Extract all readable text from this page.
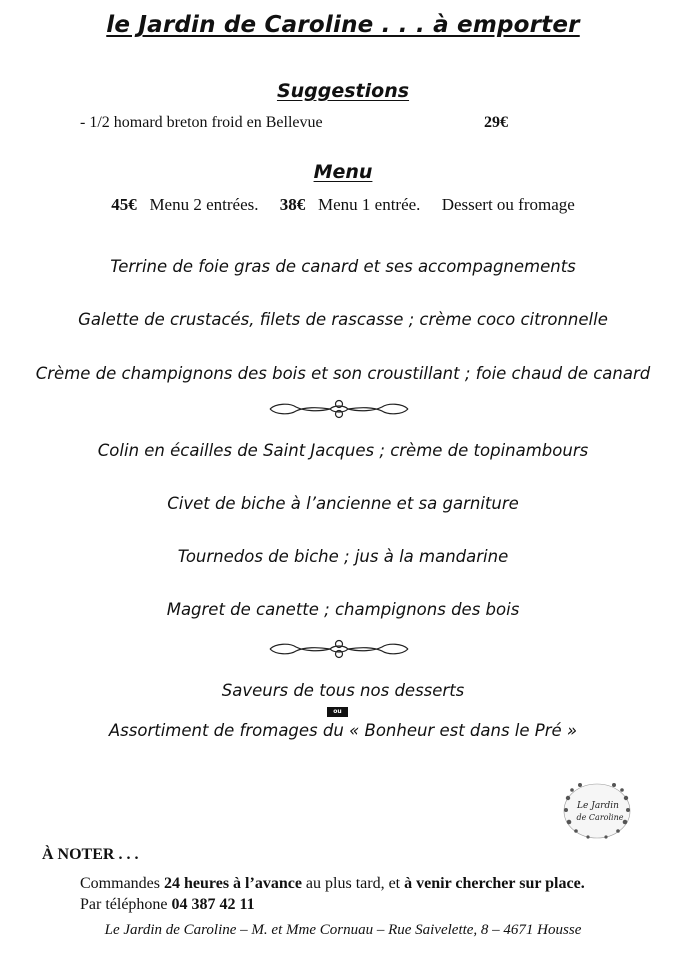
le Jardin de Caroline . . . à emporter
Suggestions
- 1/2 homard breton froid en Bellevue	29€
Menu
45€ Menu 2 entrées. 38€ Menu 1 entrée. Dessert ou fromage
Terrine de foie gras de canard et ses accompagnements
Galette de crustacés, filets de rascasse ; crème coco citronnelle
Crème de champignons des bois et son croustillant ; foie chaud de canard
Colin en écailles de Saint Jacques ; crème de topinambours
Civet de biche à l’ancienne et sa garniture
Tournedos de biche ; jus à la mandarine
Magret de canette ; champignons des bois
Saveurs de tous nos desserts
ou
Assortiment de fromages du « Bonheur est dans le Pré »
Le Jardin
de Caroline
À NOTER . . .
Commandes 24 heures à l’avance au plus tard, et à venir chercher sur place.
Par téléphone 04 387 42 11
Le Jardin de Caroline – M. et Mme Cornuau – Rue Saivelette, 8 – 4671 Housse
